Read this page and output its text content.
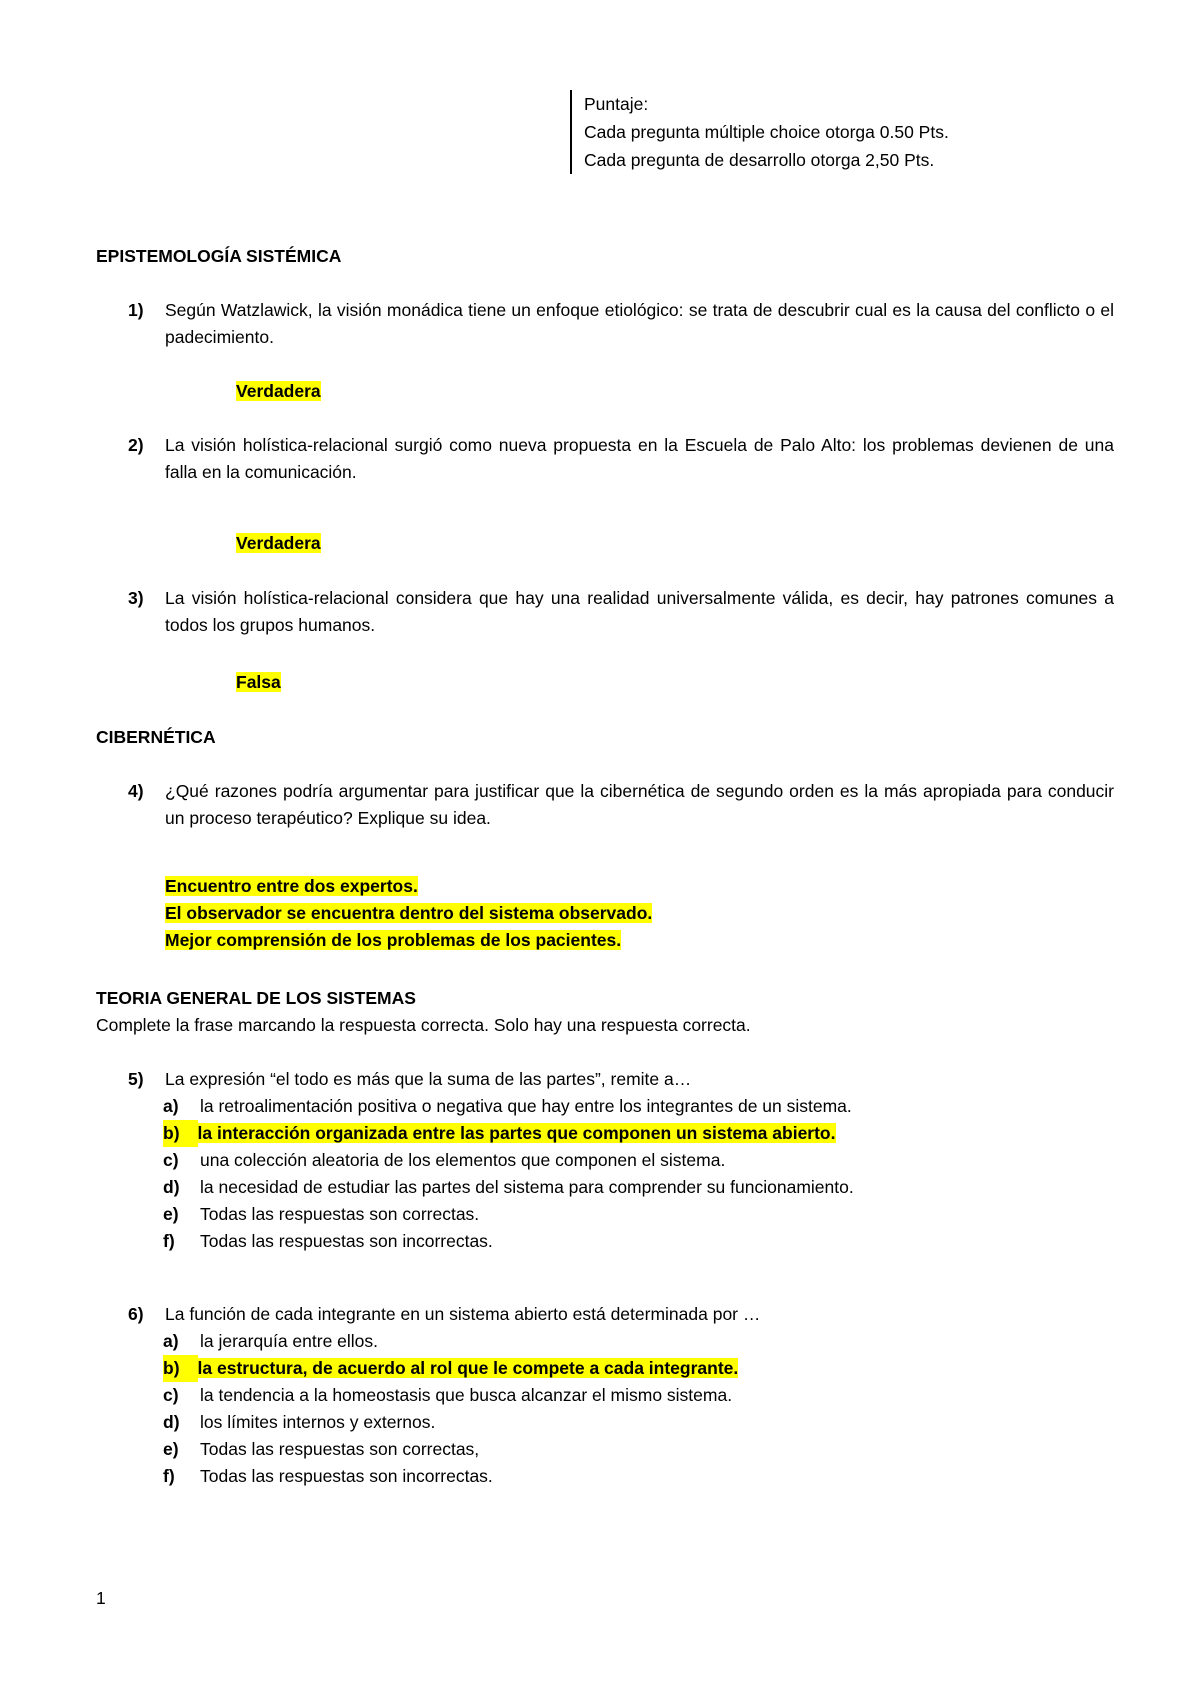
Puntaje:
Cada pregunta múltiple choice otorga 0.50 Pts.
Cada pregunta de desarrollo otorga 2,50 Pts.
EPISTEMOLOGÍA SISTÉMICA
1) Según Watzlawick, la visión monádica tiene un enfoque etiológico: se trata de descubrir cual es la causa del conflicto o el padecimiento.
Verdadera
2) La visión holística-relacional surgió como nueva propuesta en la Escuela de Palo Alto: los problemas devienen de una falla en la comunicación.
Verdadera
3) La visión holística-relacional considera que hay una realidad universalmente válida, es decir, hay patrones comunes a todos los grupos humanos.
Falsa
CIBERNÉTICA
4) ¿Qué razones podría argumentar para justificar que la cibernética de segundo orden es la más apropiada para conducir un proceso terapéutico? Explique su idea.
Encuentro entre dos expertos.
El observador se encuentra dentro del sistema observado.
Mejor comprensión de los problemas de los pacientes.
TEORIA GENERAL DE LOS SISTEMAS
Complete la frase marcando la respuesta correcta. Solo hay una respuesta correcta.
5) La expresión “el todo es más que la suma de las partes”, remite a…
a) la retroalimentación positiva o negativa que hay entre los integrantes de un sistema.
b) la interacción organizada entre las partes que componen un sistema abierto.
c) una colección aleatoria de los elementos que componen el sistema.
d) la necesidad de estudiar las partes del sistema para comprender su funcionamiento.
e) Todas las respuestas son correctas.
f) Todas las respuestas son incorrectas.
6) La función de cada integrante en un sistema abierto está determinada por …
a) la jerarquía entre ellos.
b) la estructura, de acuerdo al rol que le compete a cada integrante.
c) la tendencia a la homeostasis que busca alcanzar el mismo sistema.
d) los límites internos y externos.
e) Todas las respuestas son correctas,
f) Todas las respuestas son incorrectas.
1
